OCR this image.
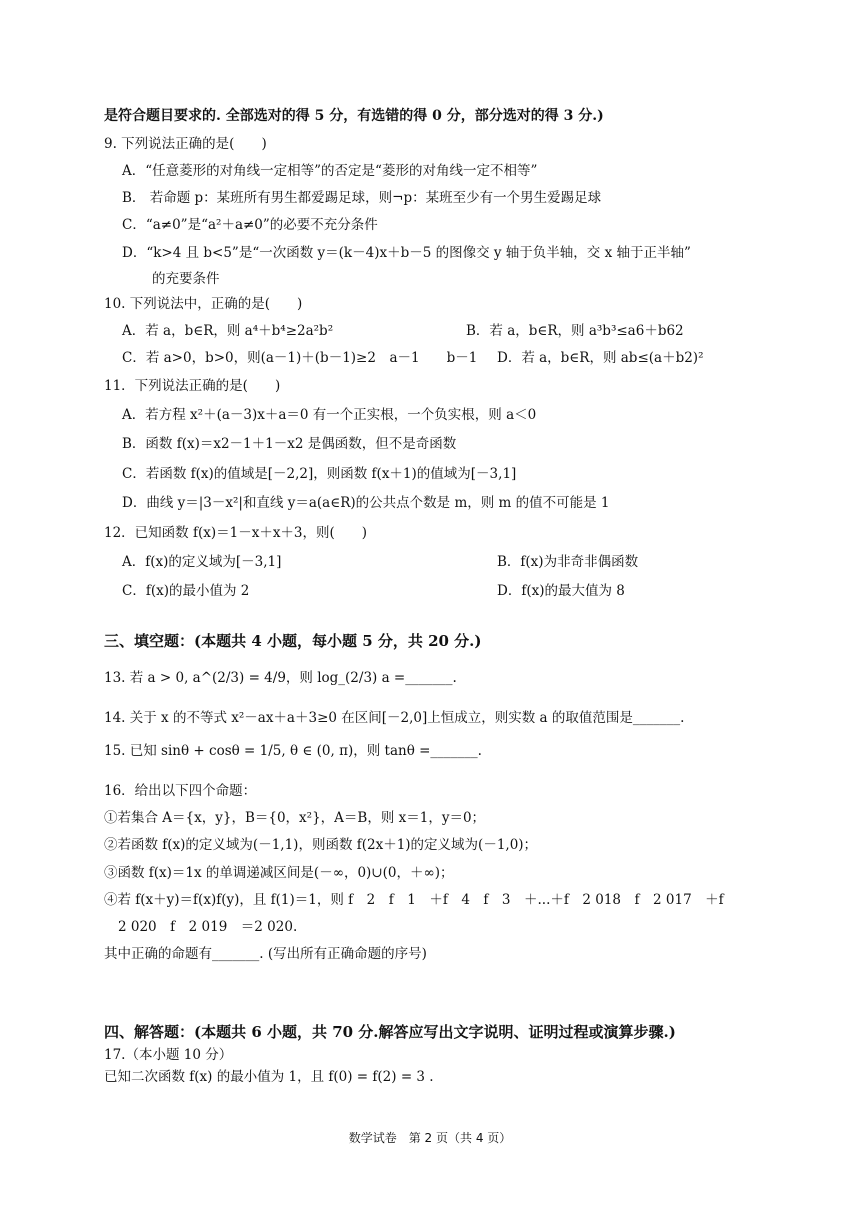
是符合题目要求的. 全部选对的得 5 分，有选错的得 0 分，部分选对的得 3 分.)
9. 下列说法正确的是(　　)
A．“任意菱形的对角线一定相等”的否定是“菱形的对角线一定不相等”
B． 若命题 p：某班所有男生都爱踢足球，则¬p：某班至少有一个男生爱踢足球
C．“a≠0”是“a²＋a≠0”的必要不充分条件
D．“k>4 且 b<5”是“一次函数 y＝(k－4)x＋b－5 的图像交 y 轴于负半轴，交 x 轴于正半轴”
的充要条件
10. 下列说法中，正确的是(　　)
A．若 a，b∈R，则 a⁴＋b⁴≥2a²b²	B．若 a，b∈R，则 a³b³≤a6＋b62
C．若 a>0，b>0，则(a－1)＋(b－1)≥2　a－1　　b－1 D．若 a，b∈R，则 ab≤(a＋b2)²
11．下列说法正确的是(　　)
A．若方程 x²＋(a－3)x＋a＝0 有一个正实根，一个负实根，则 a＜0
B．函数 f(x)＝x2－1＋1－x2 是偶函数，但不是奇函数
C．若函数 f(x)的值域是[－2,2]，则函数 f(x＋1)的值域为[－3,1]
D．曲线 y＝|3－x²|和直线 y＝a(a∈R)的公共点个数是 m，则 m 的值不可能是 1
12．已知函数 f(x)＝1－x＋x＋3，则(　　)
A．f(x)的定义域为[－3,1]	B．f(x)为非奇非偶函数
C．f(x)的最小值为 2	D．f(x)的最大值为 8
三、填空题：(本题共 4 小题，每小题 5 分，共 20 分.)
13. 若 a > 0, a^(2/3) = 4/9，则 log_(2/3) a =_______.
14. 关于 x 的不等式 x²－ax＋a＋3≥0 在区间[－2,0]上恒成立，则实数 a 的取值范围是_______.
15. 已知 sinθ + cosθ = 1/5, θ ∈ (0, π)，则 tanθ =_______.
16．给出以下四个命题：
①若集合 A＝{x，y}，B＝{0，x²}，A＝B，则 x＝1，y＝0；
②若函数 f(x)的定义域为(－1,1)，则函数 f(2x＋1)的定义域为(－1,0)；
③函数 f(x)＝1x 的单调递减区间是(－∞，0)∪(0，＋∞)；
④若 f(x＋y)＝f(x)f(y)，且 f(1)＝1，则 f　2　f　1　＋f　4　f　3　＋...＋f　2 018　f　2 017　＋f
2 020　f　2 019　＝2 020.
其中正确的命题有_______. (写出所有正确命题的序号)
四、解答题：(本题共 6 小题，共 70 分.解答应写出文字说明、证明过程或演算步骤.)
17.（本小题 10 分）
已知二次函数 f(x) 的最小值为 1，且 f(0) = f(2) = 3 .
数学试卷　第 2 页（共 4 页）
